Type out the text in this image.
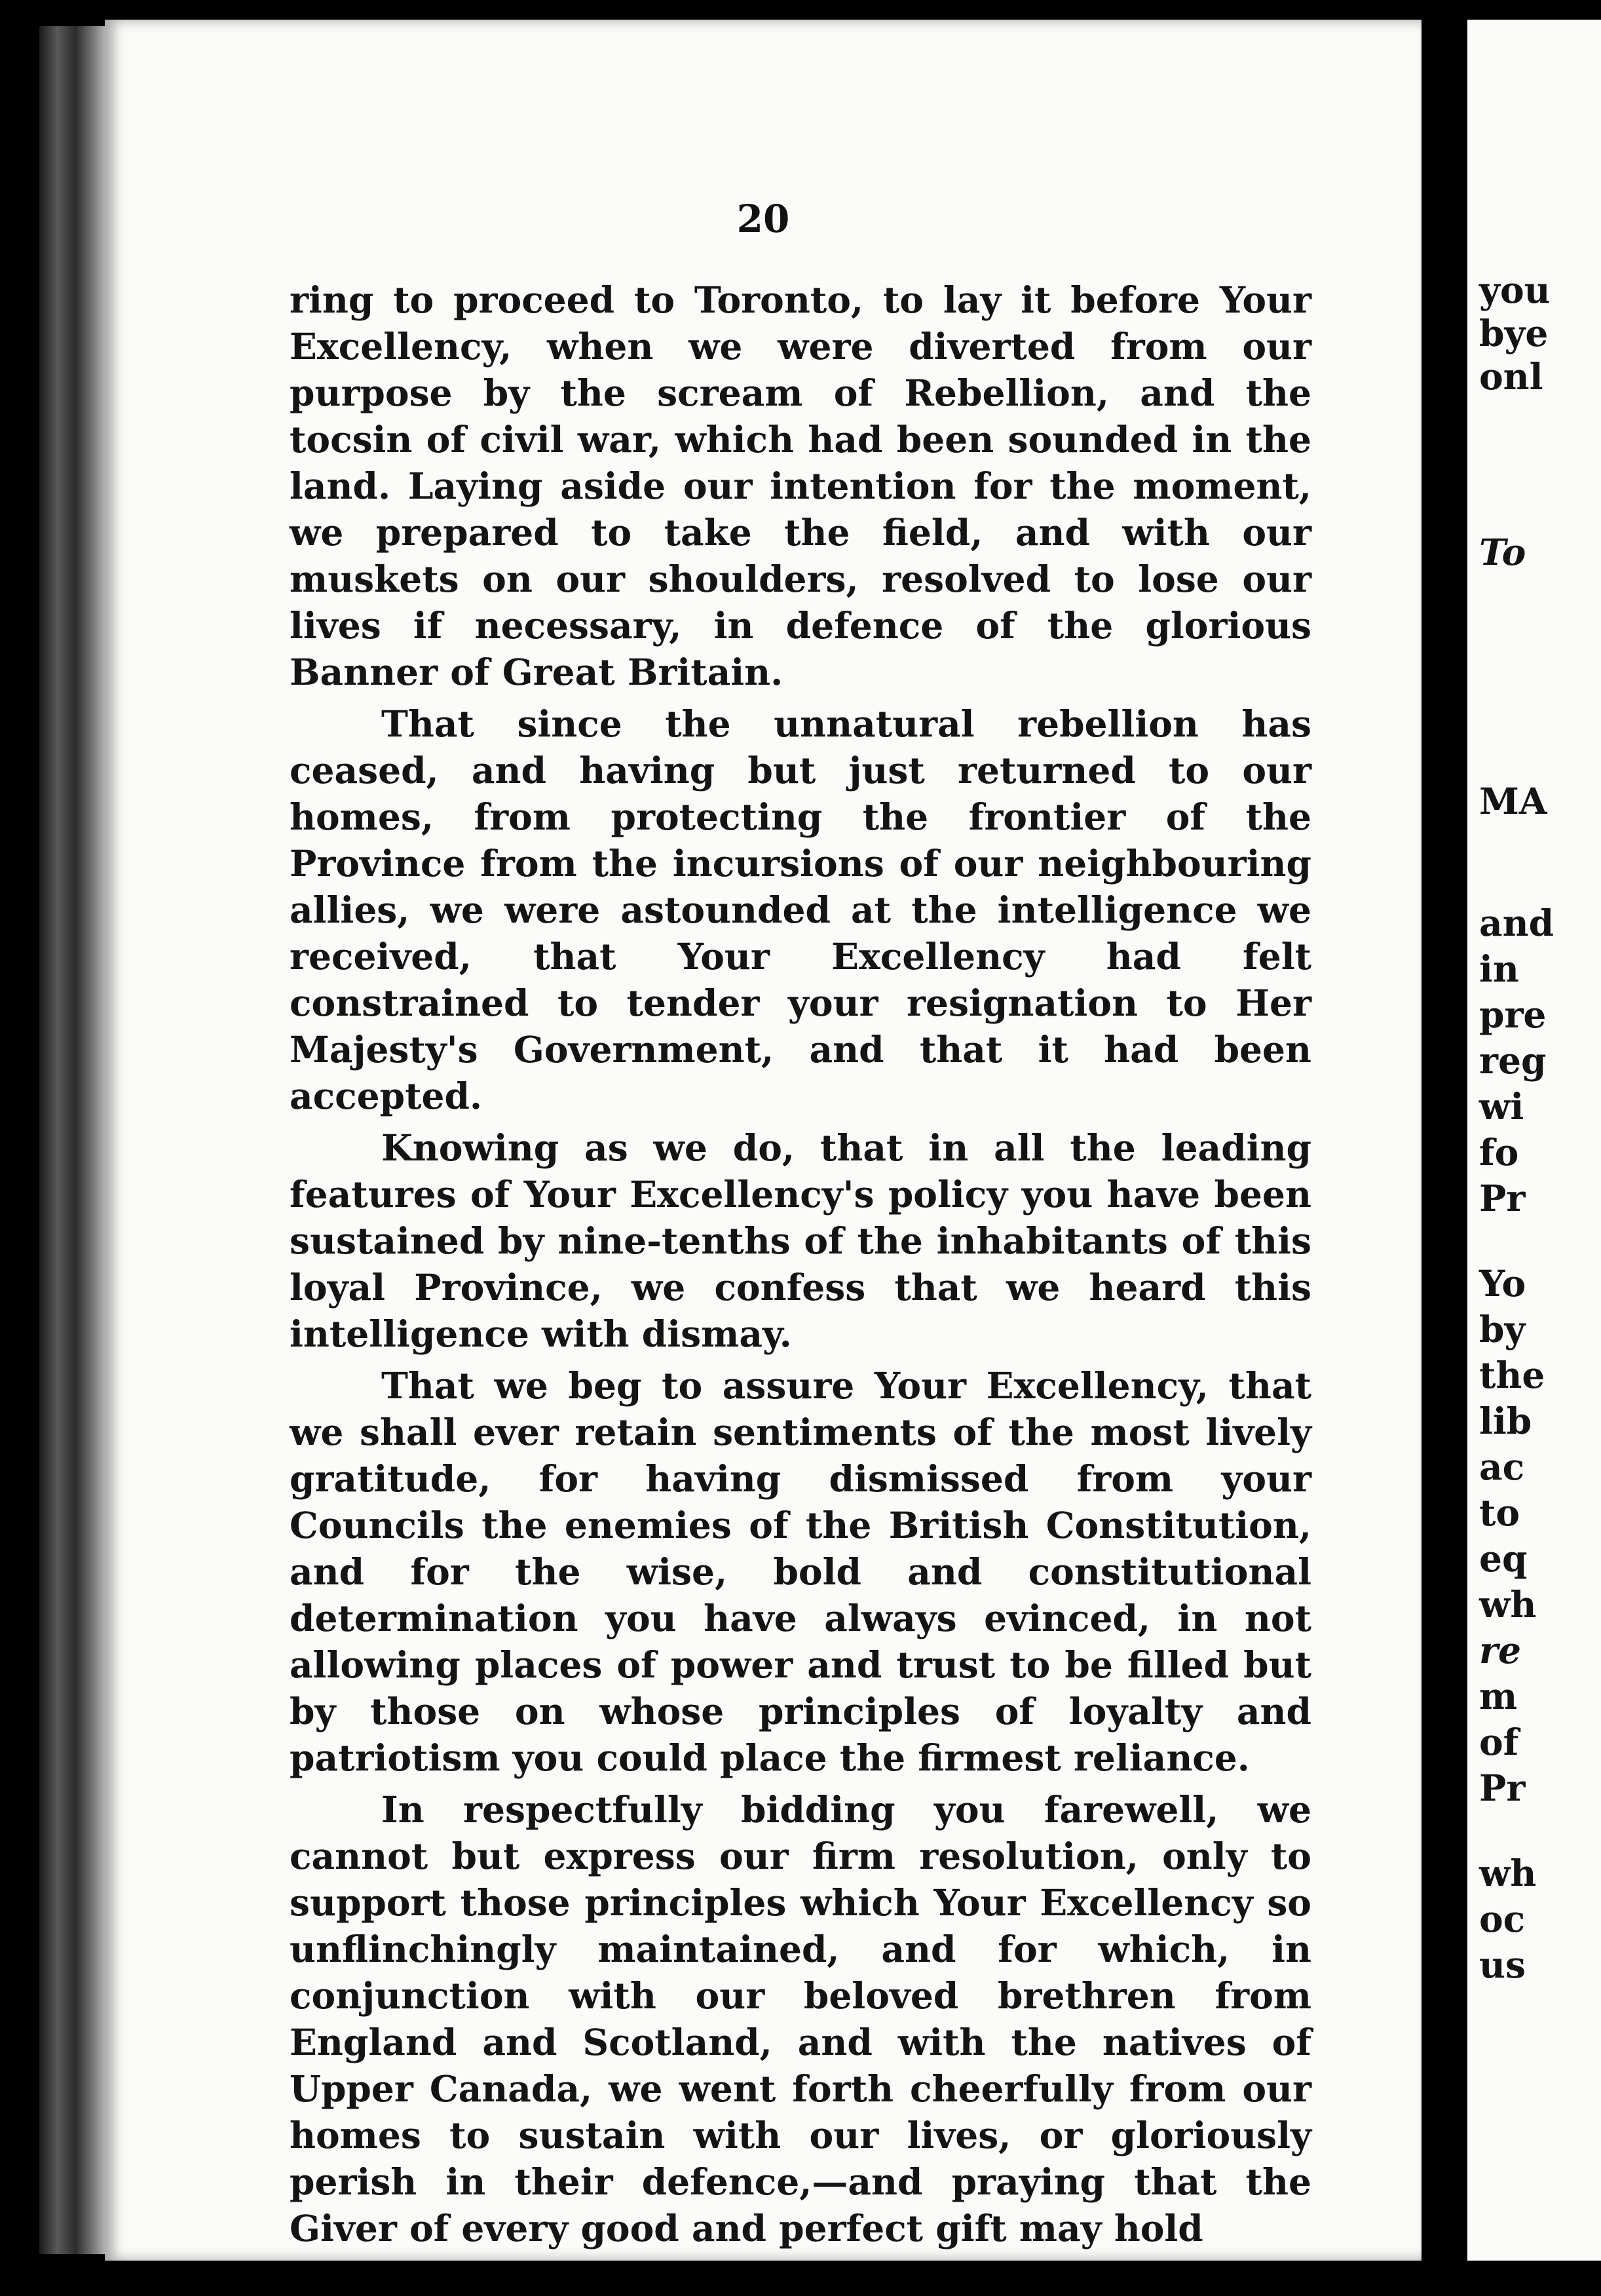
20

ring to proceed to Toronto, to lay it before Your Excellency, when we were diverted from our purpose by the scream of Rebellion, and the tocsin of civil war, which had been sounded in the land. Laying aside our intention for the moment, we prepared to take the field, and with our muskets on our shoulders, resolved to lose our lives if necessary, in defence of the glorious Banner of Great Britain.

That since the unnatural rebellion has ceased, and having but just returned to our homes, from protecting the frontier of the Province from the incursions of our neighbouring allies, we were astounded at the intelligence we received, that Your Excellency had felt constrained to tender your resignation to Her Majesty's Government, and that it had been accepted.

Knowing as we do, that in all the leading features of Your Excellency's policy you have been sustained by nine-tenths of the inhabitants of this loyal Province, we confess that we heard this intelligence with dismay.

That we beg to assure Your Excellency, that we shall ever retain sentiments of the most lively gratitude, for having dismissed from your Councils the enemies of the British Constitution, and for the wise, bold and constitutional determination you have always evinced, in not allowing places of power and trust to be filled but by those on whose principles of loyalty and patriotism you could place the firmest reliance.

In respectfully bidding you farewell, we cannot but express our firm resolution, only to support those principles which Your Excellency so unflinchingly maintained, and for which, in conjunction with our beloved brethren from England and Scotland, and with the natives of Upper Canada, we went forth cheerfully from our homes to sustain with our lives, or gloriously perish in their defence,—and praying that the Giver of every good and perfect gift may hold

you
bye
onl
To
MA
and
in
pre
reg
wi
fo
Pr
Yo
by
the
lib
ac
to
eq
wh
re
m
of
Pr
wh
oc
us
